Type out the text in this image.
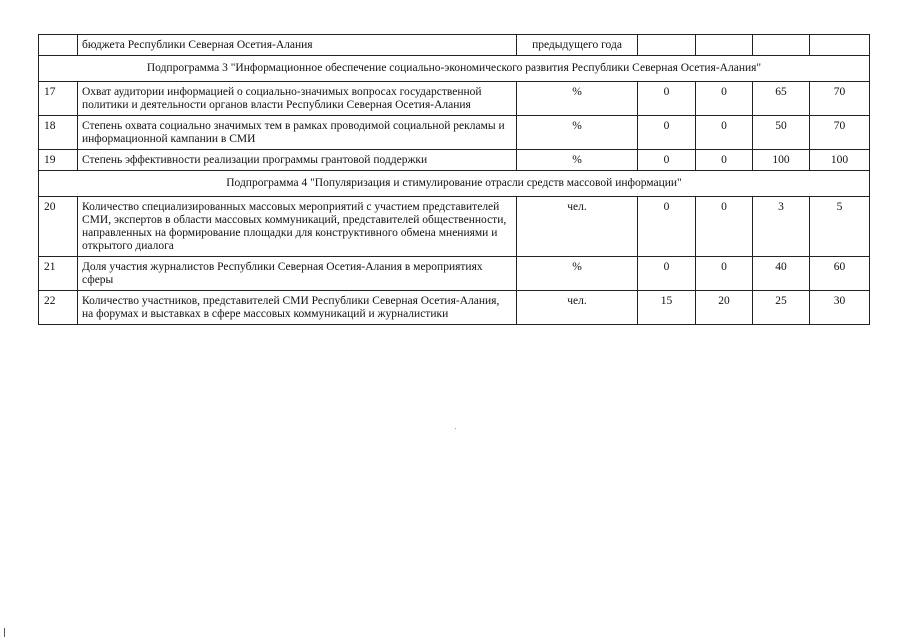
	бюджета Республики Северная Осетия-Алания	предыдущего года				
Подпрограмма 3 "Информационное обеспечение социально-экономического развития Республики Северная Осетия-Алания"						
17	Охват аудитории информацией о социально-значимых вопросах государственной политики и деятельности органов власти Республики Северная Осетия-Алания	%	0	0	65	70
18	Степень охвата социально значимых тем в рамках проводимой социальной рекламы и информационной кампании в СМИ	%	0	0	50	70
19	Степень эффективности реализации программы грантовой поддержки	%	0	0	100	100
Подпрограмма 4 "Популяризация и стимулирование отрасли средств массовой информации"						
20	Количество специализированных массовых мероприятий с участием представителей СМИ, экспертов в области массовых коммуникаций, представителей общественности, направленных на формирование площадки для конструктивного обмена мнениями и открытого диалога	чел.	0	0	3	5
21	Доля участия журналистов Республики Северная Осетия-Алания в мероприятиях сферы	%	0	0	40	60
22	Количество участников, представителей СМИ Республики Северная Осетия-Алания, на форумах и выставках в сфере массовых коммуникаций и журналистики	чел.	15	20	25	30
